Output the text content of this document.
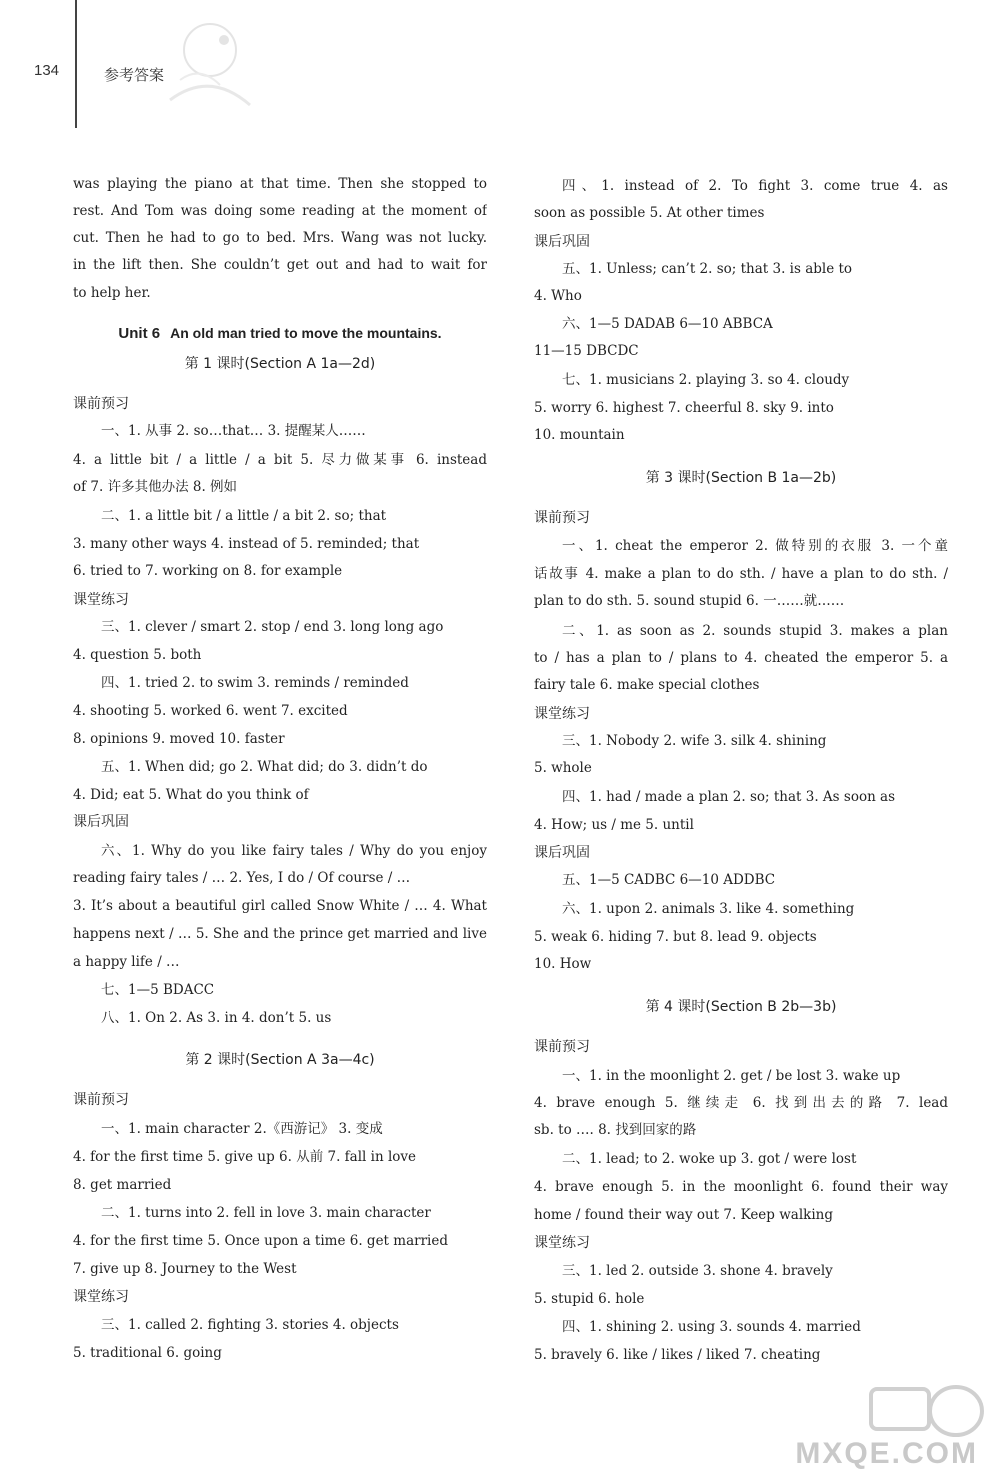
134	参考答案
was playing the piano at that time. Then she stopped to
rest. And Tom was doing some reading at the moment of
cut. Then he had to go to bed. Mrs. Wang was not lucky.
in the lift then. She couldn’t get out and had to wait for
to help her.
Unit 6 An old man tried to move the mountains.
第 1 课时(Section A 1a—2d)
课前预习
一、1. 从事 2. so…that… 3. 提醒某人……
4. a little bit / a little / a bit 5. 尽力做某事 6. instead
of 7. 许多其他办法 8. 例如
二、1. a little bit / a little / a bit 2. so; that
3. many other ways 4. instead of 5. reminded; that
6. tried to 7. working on 8. for example
课堂练习
三、1. clever / smart 2. stop / end 3. long long ago
4. question 5. both
四、1. tried 2. to swim 3. reminds / reminded
4. shooting 5. worked 6. went 7. excited
8. opinions 9. moved 10. faster
五、1. When did; go 2. What did; do 3. didn’t do
4. Did; eat 5. What do you think of
课后巩固
六、1. Why do you like fairy tales / Why do you enjoy
reading fairy tales / … 2. Yes, I do / Of course / …
3. It’s about a beautiful girl called Snow White / … 4. What
happens next / … 5. She and the prince get married and live
a happy life / …
七、1—5 BDACC
八、1. On 2. As 3. in 4. don’t 5. us
第 2 课时(Section A 3a—4c)
课前预习
一、1. main character 2.《西游记》 3. 变成
4. for the first time 5. give up 6. 从前 7. fall in love
8. get married
二、1. turns into 2. fell in love 3. main character
4. for the first time 5. Once upon a time 6. get married
7. give up 8. Journey to the West
课堂练习
三、1. called 2. fighting 3. stories 4. objects
5. traditional 6. going
四、1. instead of 2. To fight 3. come true 4. as
soon as possible 5. At other times
课后巩固
五、1. Unless; can’t 2. so; that 3. is able to
4. Who
六、1—5 DADAB 6—10 ABBCA
11—15 DBCDC
七、1. musicians 2. playing 3. so 4. cloudy
5. worry 6. highest 7. cheerful 8. sky 9. into
10. mountain
第 3 课时(Section B 1a—2b)
课前预习
一、1. cheat the emperor 2. 做特别的衣服 3. 一个童
话故事 4. make a plan to do sth. / have a plan to do sth. /
plan to do sth. 5. sound stupid 6. 一……就……
二、1. as soon as 2. sounds stupid 3. makes a plan
to / has a plan to / plans to 4. cheated the emperor 5. a
fairy tale 6. make special clothes
课堂练习
三、1. Nobody 2. wife 3. silk 4. shining
5. whole
四、1. had / made a plan 2. so; that 3. As soon as
4. How; us / me 5. until
课后巩固
五、1—5 CADBC 6—10 ADDBC
六、1. upon 2. animals 3. like 4. something
5. weak 6. hiding 7. but 8. lead 9. objects
10. How
第 4 课时(Section B 2b—3b)
课前预习
一、1. in the moonlight 2. get / be lost 3. wake up
4. brave enough 5. 继续走 6. 找到出去的路 7. lead
sb. to …. 8. 找到回家的路
二、1. lead; to 2. woke up 3. got / were lost
4. brave enough 5. in the moonlight 6. found their way
home / found their way out 7. Keep walking
课堂练习
三、1. led 2. outside 3. shone 4. bravely
5. stupid 6. hole
四、1. shining 2. using 3. sounds 4. married
5. bravely 6. like / likes / liked 7. cheating
MXQE.COM
